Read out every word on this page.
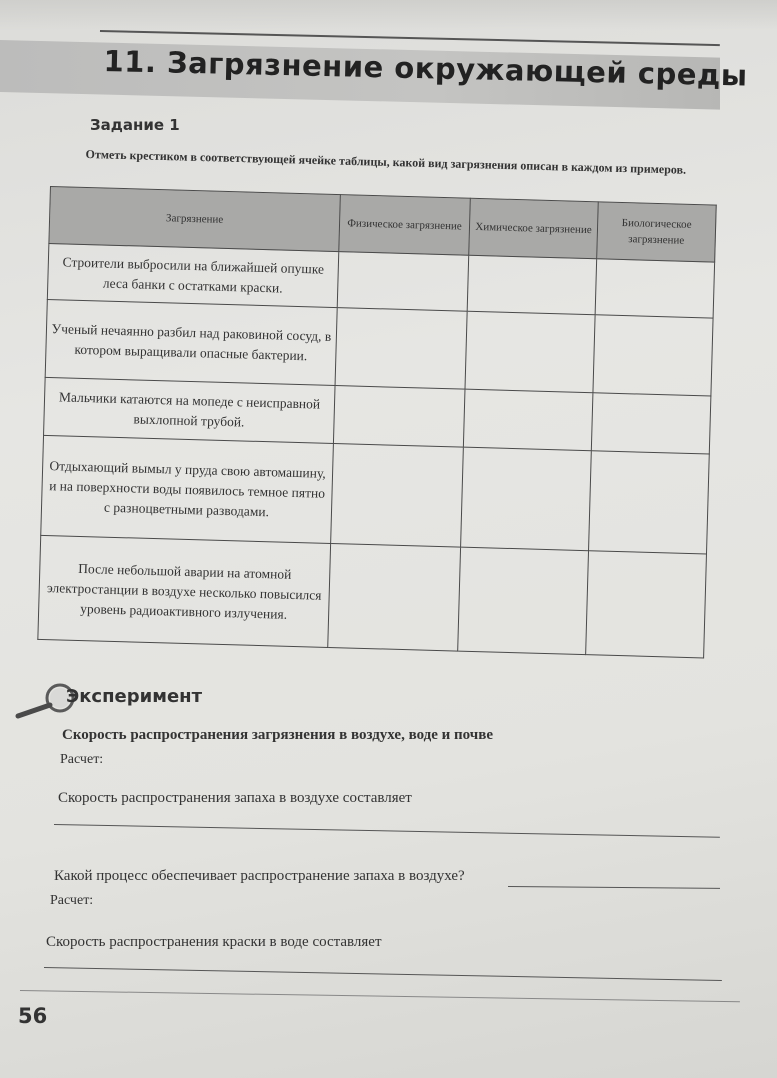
11. Загрязнение окружающей среды
Задание 1
Отметь крестиком в соответствующей ячейке таблицы, какой вид загрязнения описан в каждом из примеров.
Загрязнение	Физическое загрязнение	Химическое загрязнение	Биологическое загрязнение
Строители выбросили на ближайшей опушке леса банки с остатками краски.			
Ученый нечаянно разбил над раковиной сосуд, в котором выращивали опасные бактерии.			
Мальчики катаются на мопеде с неисправной выхлопной трубой.			
Отдыхающий вымыл у пруда свою автомашину, и на поверхности воды появилось темное пятно с разноцветными разводами.			
После небольшой аварии на атомной электростанции в воздухе несколько повысился уровень радиоактивного излучения.			
Эксперимент
Скорость распространения загрязнения в воздухе, воде и почве
Расчет:
Скорость распространения запаха в воздухе составляет
Какой процесс обеспечивает распространение запаха в воздухе?
Расчет:
Скорость распространения краски в воде составляет
56
